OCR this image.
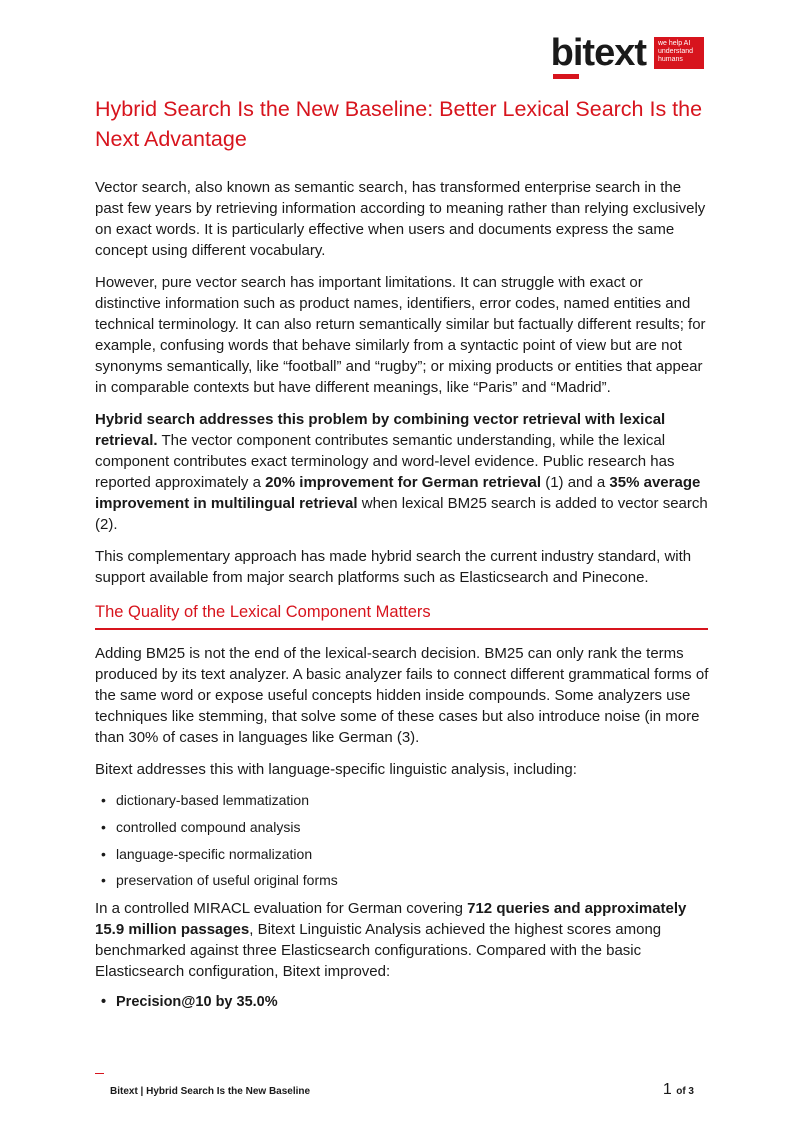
bitext we help AI
understand
humans
Hybrid Search Is the New Baseline: Better Lexical Search Is the Next Advantage

Vector search, also known as semantic search, has transformed enterprise search in the past few years by retrieving information according to meaning rather than relying exclusively on exact words. It is particularly effective when users and documents express the same concept using different vocabulary.

However, pure vector search has important limitations. It can struggle with exact or distinctive information such as product names, identifiers, error codes, named entities and technical terminology. It can also return semantically similar but factually different results; for example, confusing words that behave similarly from a syntactic point of view but are not synonyms semantically, like “football” and “rugby”; or mixing products or entities that appear in comparable contexts but have different meanings, like “Paris” and “Madrid”.

Hybrid search addresses this problem by combining vector retrieval with lexical retrieval. The vector component contributes semantic understanding, while the lexical component contributes exact terminology and word-level evidence. Public research has reported approximately a 20% improvement for German retrieval (1) and a 35% average improvement in multilingual retrieval when lexical BM25 search is added to vector search (2).

This complementary approach has made hybrid search the current industry standard, with support available from major search platforms such as Elasticsearch and Pinecone.

The Quality of the Lexical Component Matters

Adding BM25 is not the end of the lexical-search decision. BM25 can only rank the terms produced by its text analyzer. A basic analyzer fails to connect different grammatical forms of the same word or expose useful concepts hidden inside compounds. Some analyzers use techniques like stemming, that solve some of these cases but also introduce noise (in more than 30% of cases in languages like German (3).

Bitext addresses this with language-specific linguistic analysis, including:

• dictionary-based lemmatization
• controlled compound analysis
• language-specific normalization
• preservation of useful original forms

In a controlled MIRACL evaluation for German covering 712 queries and approximately 15.9 million passages, Bitext Linguistic Analysis achieved the highest scores among benchmarked against three Elasticsearch configurations. Compared with the basic Elasticsearch configuration, Bitext improved:

• Precision@10 by 35.0%
Bitext | Hybrid Search Is the New Baseline	1 of 3
